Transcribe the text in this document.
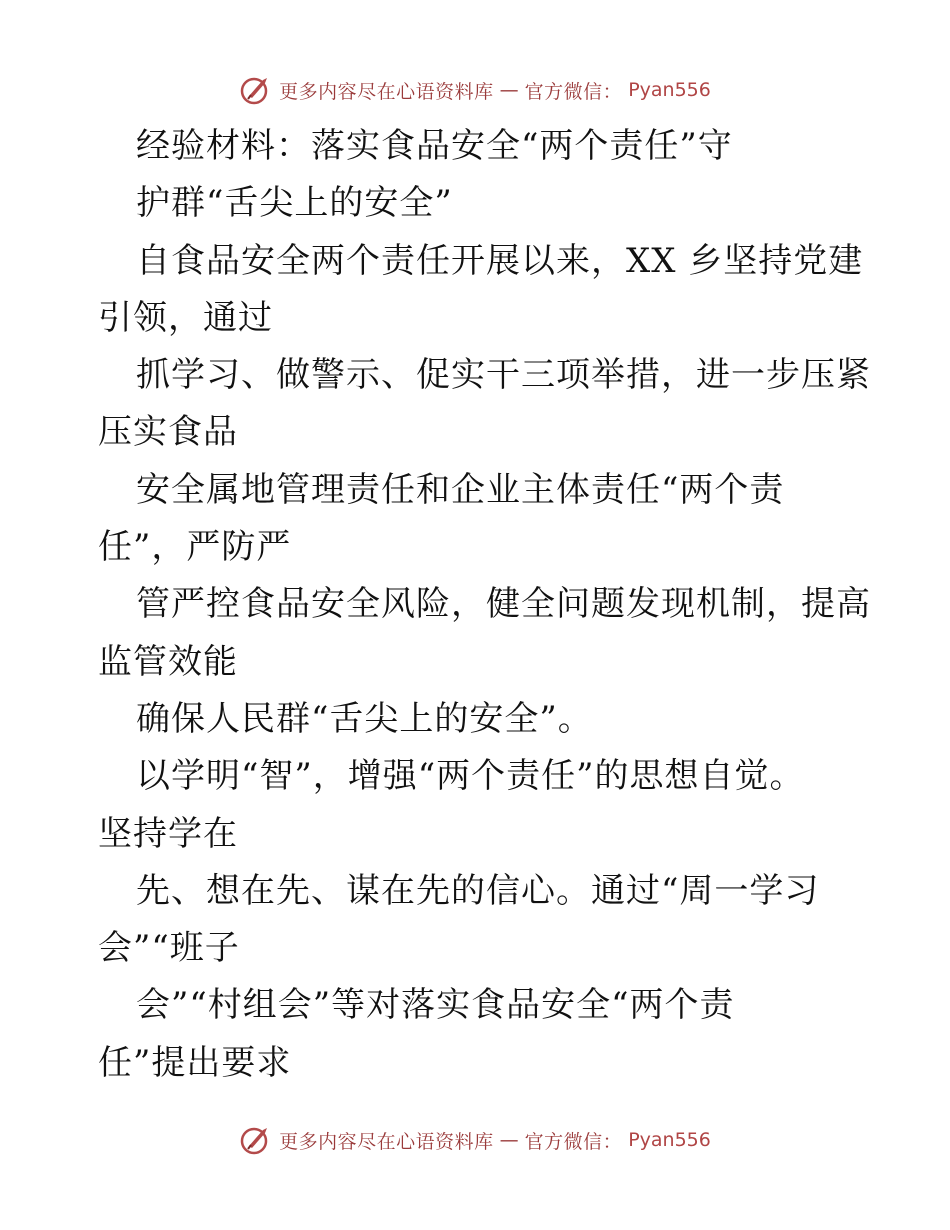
更多内容尽在心语资料库 — 官方微信： Pyan556
经验材料：落实食品安全“两个责任”守
护群“舌尖上的安全”
自食品安全两个责任开展以来，XX 乡坚持党建
引领，通过
抓学习、做警示、促实干三项举措，进一步压紧
压实食品
安全属地管理责任和企业主体责任“两个责
任”，严防严
管严控食品安全风险，健全问题发现机制，提高
监管效能
确保人民群“舌尖上的安全”。
以学明“智”，增强“两个责任”的思想自觉。
坚持学在
先、想在先、谋在先的信心。通过“周一学习
会”“班子
会”“村组会”等对落实食品安全“两个责
任”提出要求
更多内容尽在心语资料库 — 官方微信： Pyan556
